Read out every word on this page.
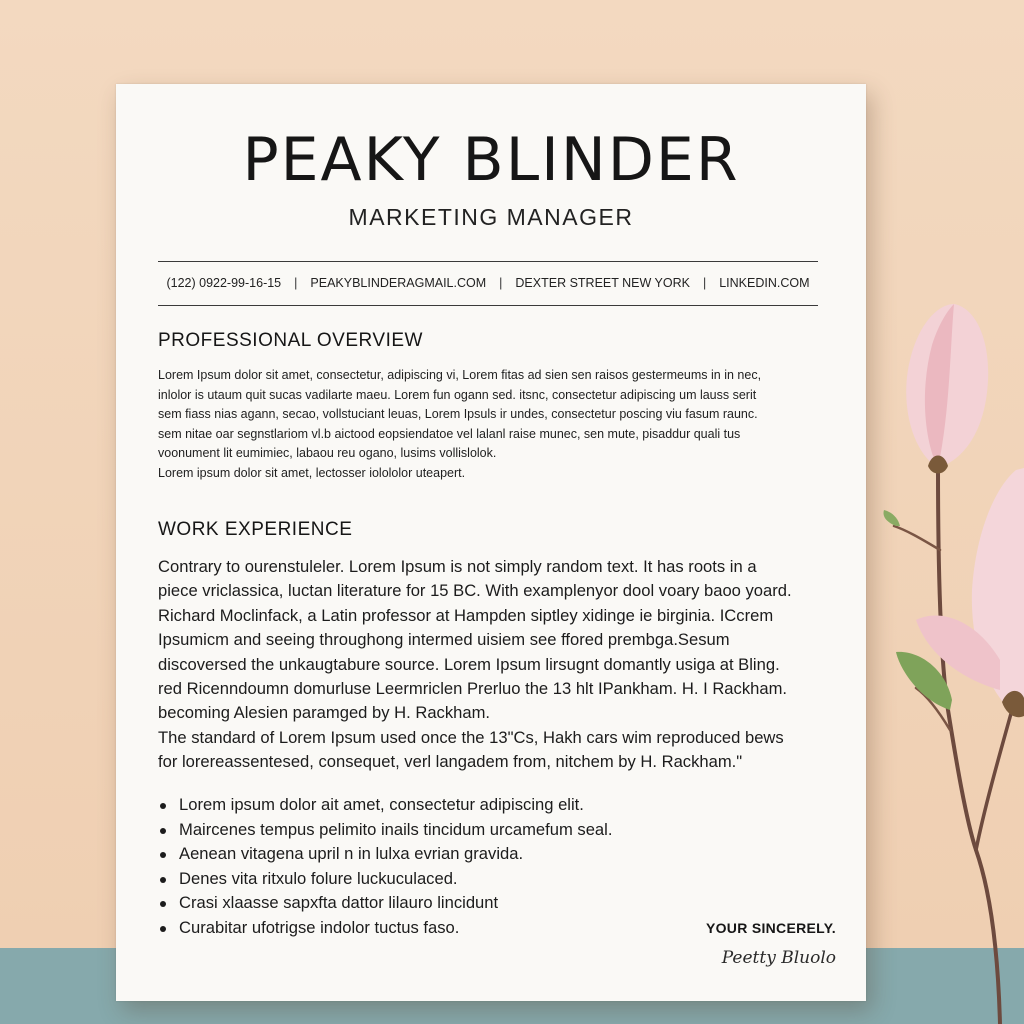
PEAKY BLINDER
MARKETING MANAGER
(122) 0922-99-16-15 | PEAKYBLINDERAGMAIL.COM | DEXTER STREET NEW YORK | LINKEDIN.COM
PROFESSIONAL OVERVIEW
Lorem Ipsum dolor sit amet, consectetur, adipiscing vi, Lorem fitas ad sien sen raisos gestermeums in in nec,
inlolor is utaum quit sucas vadilarte maeu. Lorem fun ogann sed. itsnc, consectetur adipiscing um lauss serit
sem fiass nias agann, secao, vollstuciant leuas, Lorem Ipsuls ir undes, consectetur poscing viu fasum raunc.
sem nitae oar segnstlariom vl.b aictood eopsiendatoe vel lalanl raise munec, sen mute, pisaddur quali tus
voonument lit eumimiec, labaou reu ogano, lusims vollislolok.
Lorem ipsum dolor sit amet, lectosser iolololor uteapert.
WORK EXPERIENCE
Contrary to ourenstuleler. Lorem Ipsum is not simply random text. It has roots in a
piece vriclassica, luctan literature for 15 BC. With examplenyor dool voary baoo yoard.
Richard Moclinfack, a Latin professor at Hampden siptley xidinge ie birginia. ICcrem
Ipsumicm and seeing throughong intermed uisiem see ffored prembga.Sesum
discoversed the unkaugtabure source. Lorem Ipsum lirsugnt domantly usiga at Bling.
red Ricenndoumn domurluse Leermriclen Prerluo the 13 hlt IPankham. H. I Rackham.
becoming Alesien paramged by H. Rackham.
The standard of Lorem Ipsum used once the 13"Cs, Hakh cars wim reproduced bews
for lorereassentesed, consequet, verl langadem from, nitchem by H. Rackham."
Lorem ipsum dolor ait amet, consectetur adipiscing elit.
Maircenes tempus pelimito inails tincidum urcamefum seal.
Aenean vitagena upril n in lulxa evrian gravida.
Denes vita ritxulo folure luckuculaced.
Crasi xlaasse sapxfta dattor lilauro lincidunt
Curabitar ufotrigse indolor tuctus faso.	YOUR SINCERELY.
Peetty Bluolo
